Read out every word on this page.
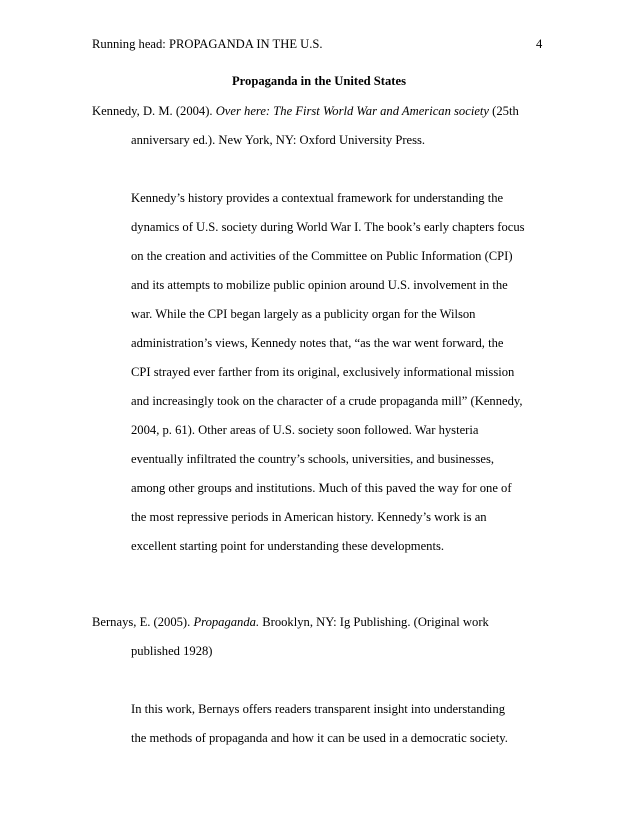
Running head: PROPAGANDA IN THE U.S.	4
Propaganda in the United States
Kennedy, D. M. (2004). Over here: The First World War and American society (25th
anniversary ed.). New York, NY: Oxford University Press.
Kennedy’s history provides a contextual framework for understanding the
dynamics of U.S. society during World War I. The book’s early chapters focus
on the creation and activities of the Committee on Public Information (CPI)
and its attempts to mobilize public opinion around U.S. involvement in the
war. While the CPI began largely as a publicity organ for the Wilson
administration’s views, Kennedy notes that, “as the war went forward, the
CPI strayed ever farther from its original, exclusively informational mission
and increasingly took on the character of a crude propaganda mill” (Kennedy,
2004, p. 61). Other areas of U.S. society soon followed. War hysteria
eventually infiltrated the country’s schools, universities, and businesses,
among other groups and institutions. Much of this paved the way for one of
the most repressive periods in American history. Kennedy’s work is an
excellent starting point for understanding these developments.
Bernays, E. (2005). Propaganda. Brooklyn, NY: Ig Publishing. (Original work
published 1928)
In this work, Bernays offers readers transparent insight into understanding
the methods of propaganda and how it can be used in a democratic society.
